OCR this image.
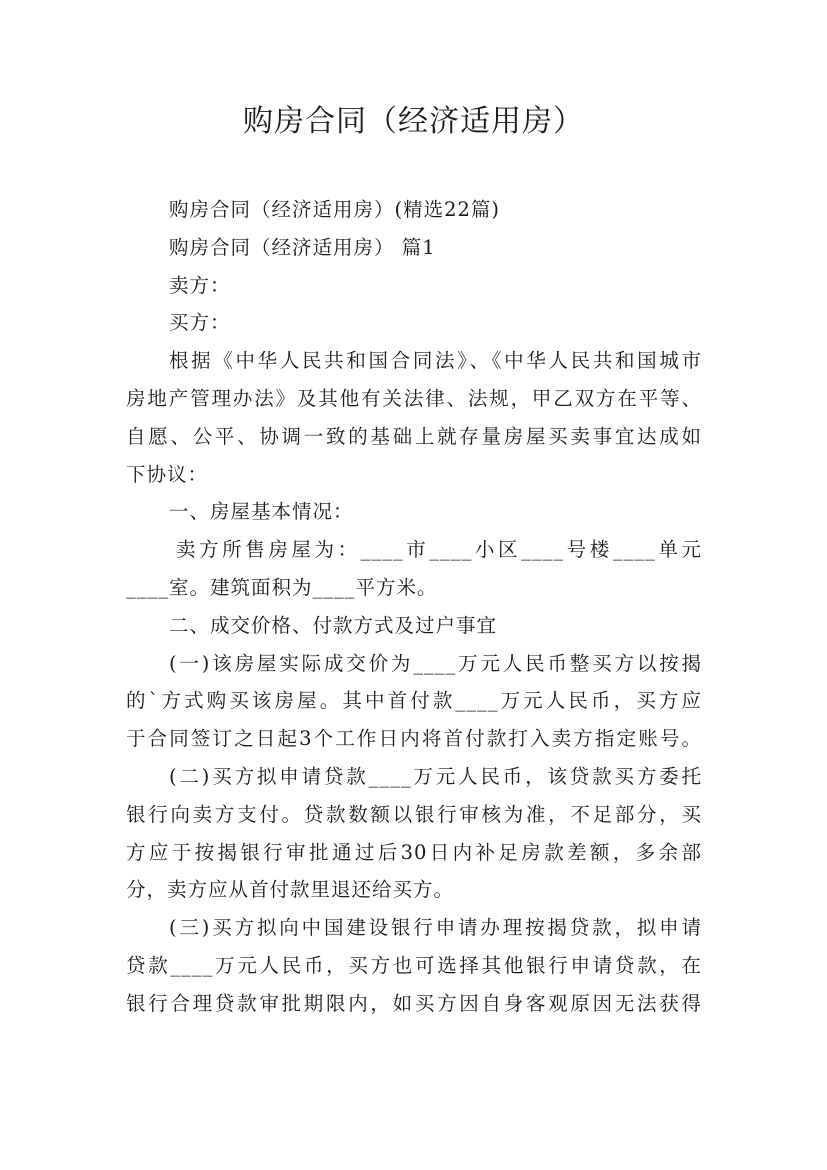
购房合同（经济适用房）
购房合同（经济适用房）(精选22篇)
购房合同（经济适用房） 篇1
卖方：
买方：
根据《中华人民共和国合同法》、《中华人民共和国城市
房地产管理办法》及其他有关法律、法规，甲乙双方在平等、
自愿、公平、协调一致的基础上就存量房屋买卖事宜达成如
下协议：
一、房屋基本情况：
卖方所售房屋为：____市____小区____号楼____单元
____室。建筑面积为____平方米。
二、成交价格、付款方式及过户事宜
(一)该房屋实际成交价为____万元人民币整买方以按揭
的`方式购买该房屋。其中首付款____万元人民币，买方应
于合同签订之日起3个工作日内将首付款打入卖方指定账号。
(二)买方拟申请贷款____万元人民币，该贷款买方委托
银行向卖方支付。贷款数额以银行审核为准，不足部分，买
方应于按揭银行审批通过后30日内补足房款差额，多余部
分，卖方应从首付款里退还给买方。
(三)买方拟向中国建设银行申请办理按揭贷款，拟申请
贷款____万元人民币，买方也可选择其他银行申请贷款，在
银行合理贷款审批期限内，如买方因自身客观原因无法获得
